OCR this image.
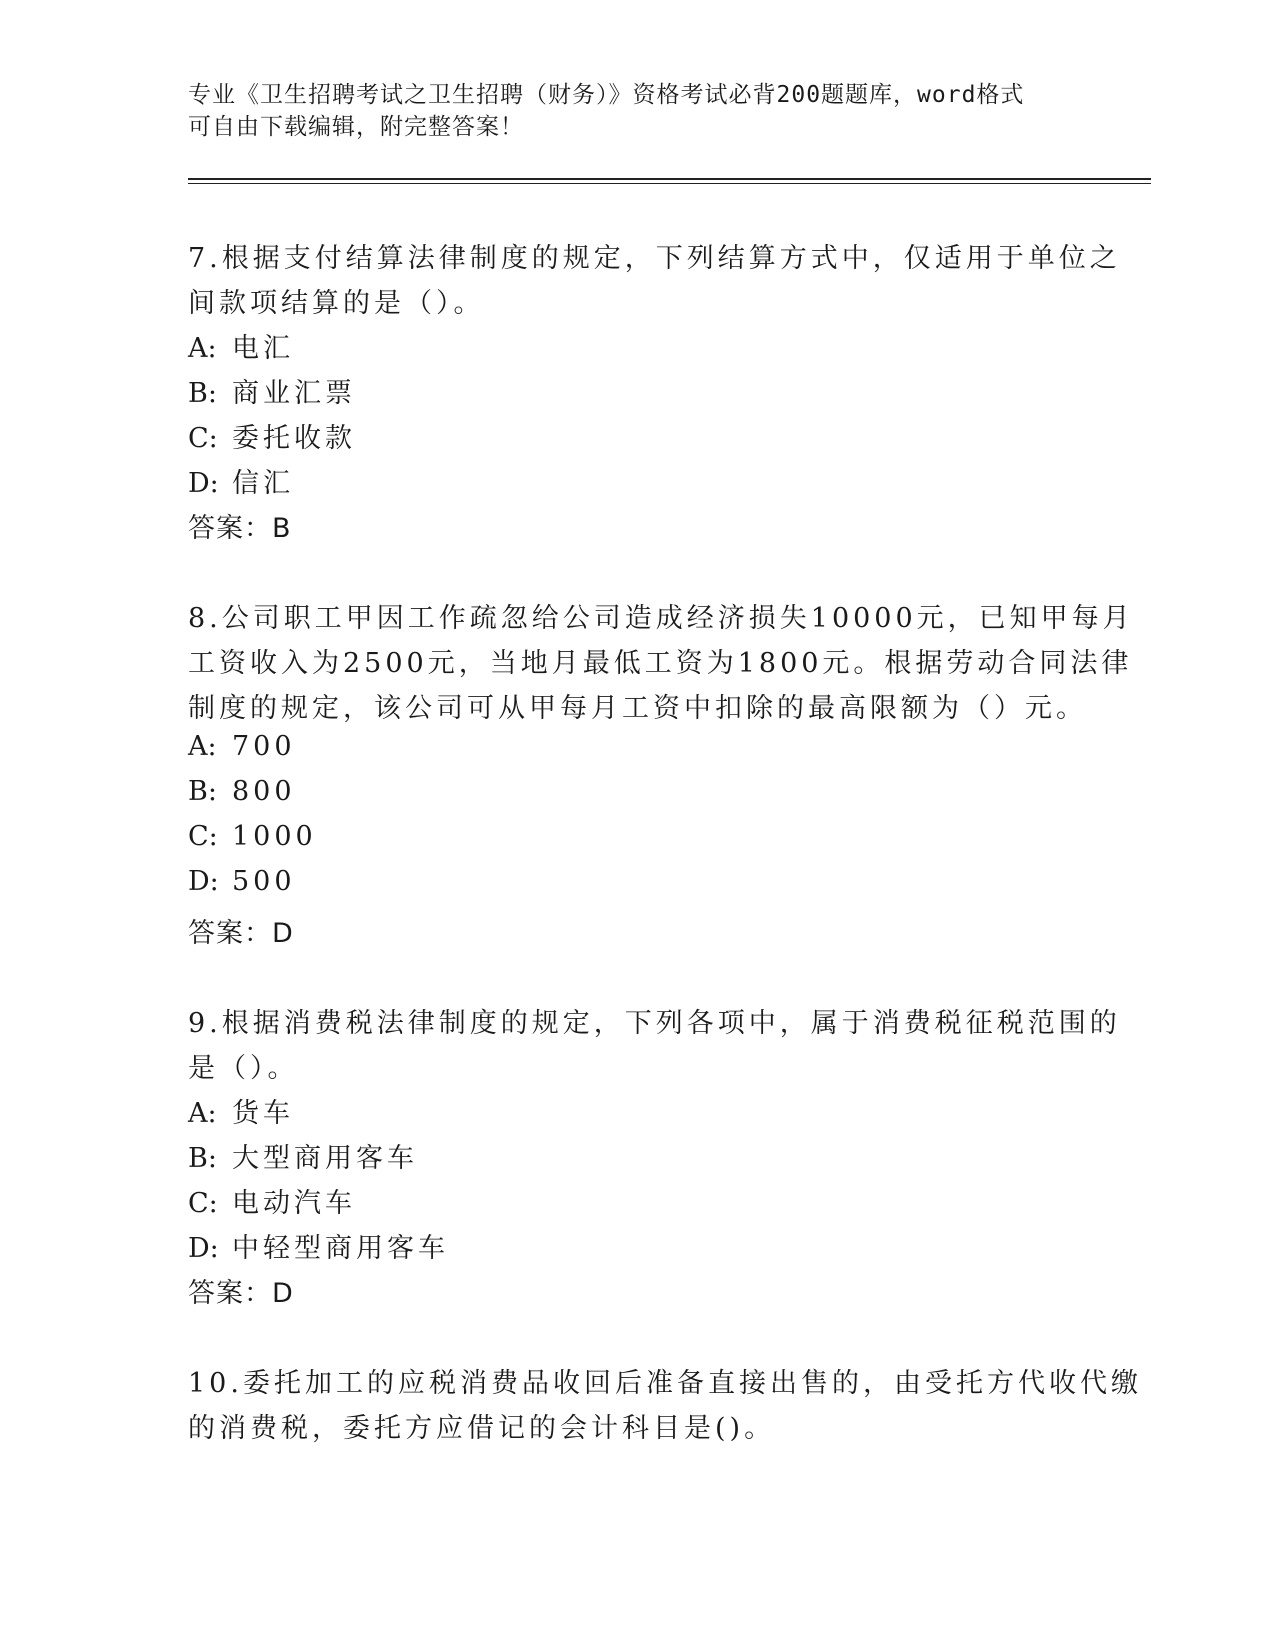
专业《卫生招聘考试之卫生招聘（财务）》资格考试必背200题题库，word格式
可自由下载编辑，附完整答案！
7.根据支付结算法律制度的规定，下列结算方式中，仅适用于单位之
间款项结算的是（）。
A: 电汇
B: 商业汇票
C: 委托收款
D: 信汇
答案：B
8.公司职工甲因工作疏忽给公司造成经济损失10000元，已知甲每月
工资收入为2500元，当地月最低工资为1800元。根据劳动合同法律
制度的规定，该公司可从甲每月工资中扣除的最高限额为（）元。
A: 700
B: 800
C: 1000
D: 500
答案：D
9.根据消费税法律制度的规定，下列各项中，属于消费税征税范围的
是（）。
A: 货车
B: 大型商用客车
C: 电动汽车
D: 中轻型商用客车
答案：D
10.委托加工的应税消费品收回后准备直接出售的，由受托方代收代缴
的消费税，委托方应借记的会计科目是()。
